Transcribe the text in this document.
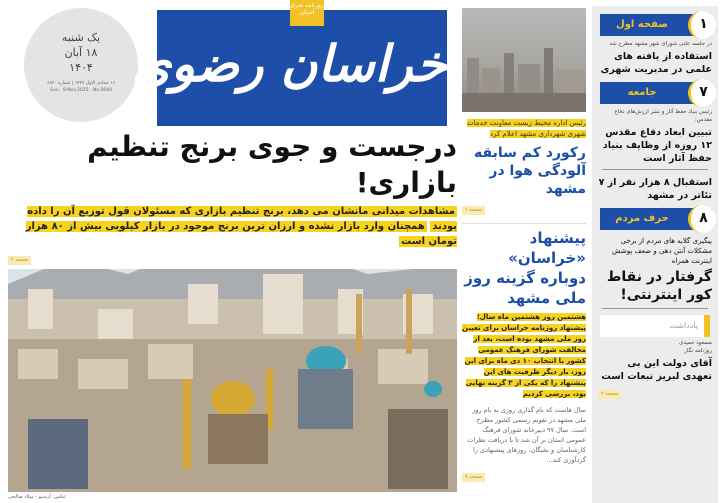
یک شنبه
۱۸ آبان
۱۴۰۴
۱۶ جمادی الاول ۱۴۴۷ | شماره ۶۸۴۰
Sun . 9.Nov.2025 . No.5640 خراسان رضوی
روزنامه شرق استان
درجست و جوی برنج تنظیم بازاری!
مشاهدات میدانی مانشان می دهد، برنج تنظیم بازاری که مسئولان قول توزیع آن را داده بودند همچنان وارد بازار نشده و ارزان ترین برنج موجود در بازار کیلویی بیش از ۸۰ هزار تومان است
صفحه ۲
عکس: آرشیو - میلاد صالحی
رئیس اداره محیط زیست معاونت خدمات شهری شهرداری مشهد اعلام کرد
رکورد کم سابقه آلودگی هوا در مشهد
صفحه ۱
پیشنهاد «خراسان» دوباره گزینه روز ملی مشهد
هشتمین روز هشتمین ماه سال؛ پیشنهاد روزنامه خراسان برای تعیین روز ملی مشهد بوده است، بعد از مخالفت شورای فرهنگ عمومی کشور با انتخاب ۱۰ دی ماه برای این روز، بار دیگر ظرفیت های این پیشنهاد را که یکی از ۳ گزینه نهایی بود، بررسی کردیم
سال هاست که نام گذاری روزی به نام روز ملی مشهد در تقویم رسمی کشور مطرح است. سال ۹۷ دبیرخانه شورای فرهنگ عمومی استان بر آن شد تا با دریافت نظرات کارشناسان و نخبگان، روزهای پیشنهادی را گردآوری کند...
صفحه ۷
صفحه اول	۱
در جلسه علنی شورای شهر مشهد مطرح شد
استفاده از یافته های علمی در مدیریت شهری
جامعه	۷
رئیس بنیاد حفظ آثار و نشر ارزش‌های دفاع مقدس:
تبیین ابعاد دفاع مقدس ۱۲ روزه از وظایف بنیاد حفظ آثار است
استقبال ۸ هزار نفر از ۷ تئاتر در مشهد
حرف مردم	۸
پیگیری گلایه های مردم از برخی مشکلات آنتن دهی و ضعف پوشش اینترنت همراه
گرفتار در نقاط کور اینترنتی!
یادداشت
مسعود حمیدی
روزنامه نگار
آقای دولت این بی تعهدی لبریز تبعات است
صفحه ۲
